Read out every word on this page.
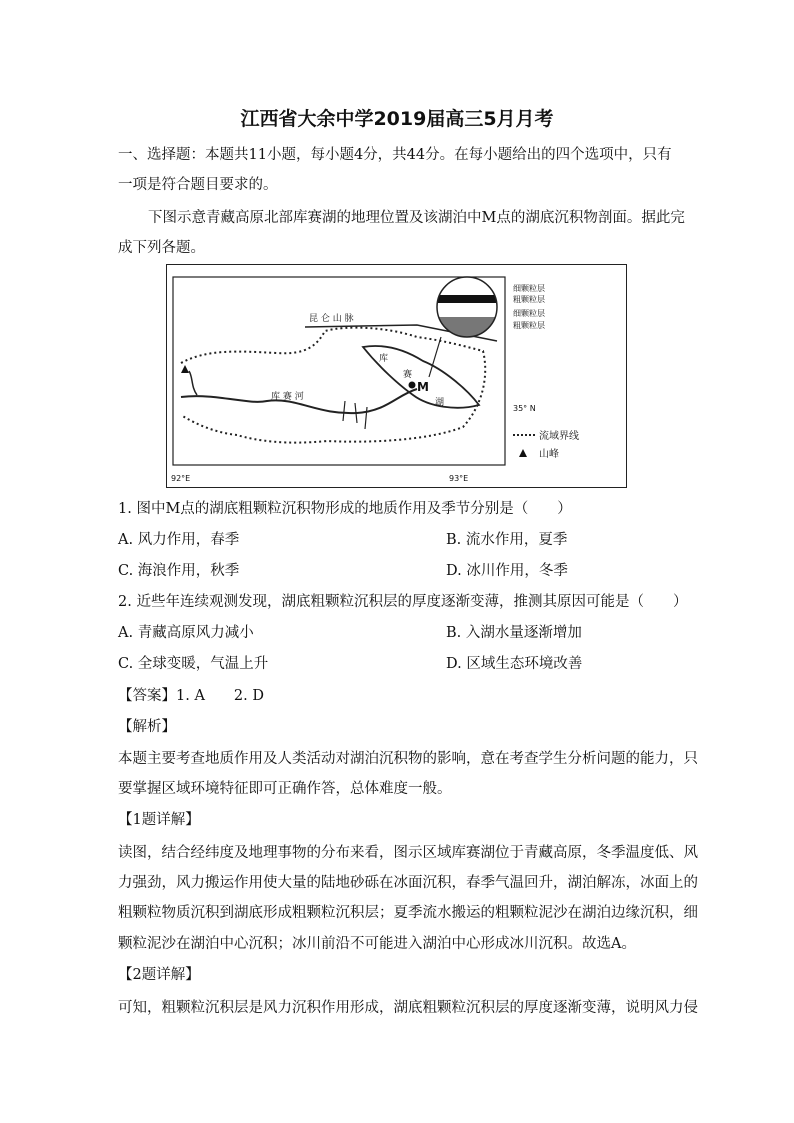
江西省大余中学2019届高三5月月考
一、选择题：本题共11小题，每小题4分，共44分。在每小题给出的四个选项中，只有
一项是符合题目要求的。
下图示意青藏高原北部库赛湖的地理位置及该湖泊中M点的湖底沉积物剖面。据此完
成下列各题。
昆 仑 山 脉
库
赛
湖
M
库 赛 河
35° N
92°E	93°E
细颗粒层
粗颗粒层
细颗粒层
粗颗粒层
流域界线
山峰
1. 图中M点的湖底粗颗粒沉积物形成的地质作用及季节分别是（　　）
A. 风力作用，春季	B. 流水作用，夏季
C. 海浪作用，秋季	D. 冰川作用，冬季
2. 近些年连续观测发现，湖底粗颗粒沉积层的厚度逐渐变薄，推测其原因可能是（　　）
A. 青藏高原风力减小	B. 入湖水量逐渐增加
C. 全球变暖，气温上升	D. 区域生态环境改善
【答案】1. A　　2. D
【解析】
本题主要考查地质作用及人类活动对湖泊沉积物的影响，意在考查学生分析问题的能力，只
要掌握区域环境特征即可正确作答，总体难度一般。
【1题详解】
读图，结合经纬度及地理事物的分布来看，图示区域库赛湖位于青藏高原，冬季温度低、风
力强劲，风力搬运作用使大量的陆地砂砾在冰面沉积，春季气温回升，湖泊解冻，冰面上的
粗颗粒物质沉积到湖底形成粗颗粒沉积层；夏季流水搬运的粗颗粒泥沙在湖泊边缘沉积，细
颗粒泥沙在湖泊中心沉积；冰川前沿不可能进入湖泊中心形成冰川沉积。故选A。
【2题详解】
可知，粗颗粒沉积层是风力沉积作用形成，湖底粗颗粒沉积层的厚度逐渐变薄，说明风力侵
